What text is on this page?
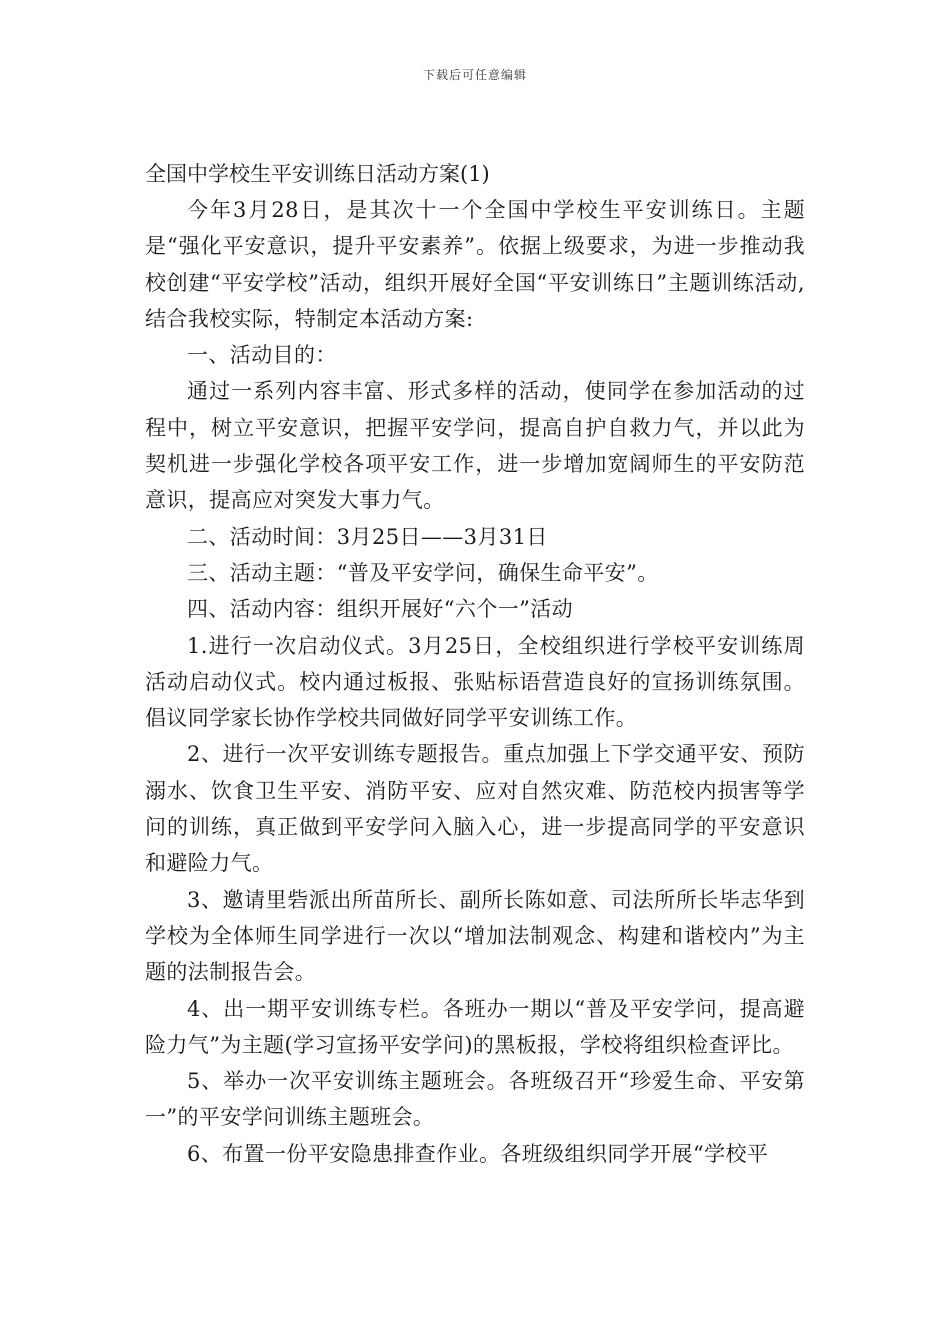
下载后可任意编辑
全国中学校生平安训练日活动方案(1)

今年3月28日，是其次十一个全国中学校生平安训练日。主题是“强化平安意识，提升平安素养”。依据上级要求，为进一步推动我校创建“平安学校”活动，组织开展好全国“平安训练日”主题训练活动,结合我校实际，特制定本活动方案:

一、活动目的：

通过一系列内容丰富、形式多样的活动，使同学在参加活动的过程中，树立平安意识，把握平安学问，提高自护自救力气，并以此为契机进一步强化学校各项平安工作，进一步增加宽阔师生的平安防范意识，提高应对突发大事力气。

二、活动时间：3月25日——3月31日

三、活动主题：“普及平安学问，确保生命平安”。

四、活动内容：组织开展好“六个一”活动

1.进行一次启动仪式。3月25日，全校组织进行学校平安训练周活动启动仪式。校内通过板报、张贴标语营造良好的宣扬训练氛围。倡议同学家长协作学校共同做好同学平安训练工作。

2、进行一次平安训练专题报告。重点加强上下学交通平安、预防溺水、饮食卫生平安、消防平安、应对自然灾难、防范校内损害等学问的训练，真正做到平安学问入脑入心，进一步提高同学的平安意识和避险力气。

3、邀请里砦派出所苗所长、副所长陈如意、司法所所长毕志华到学校为全体师生同学进行一次以“增加法制观念、构建和谐校内”为主题的法制报告会。

4、出一期平安训练专栏。各班办一期以“普及平安学问，提高避险力气”为主题(学习宣扬平安学问)的黑板报，学校将组织检查评比。

5、举办一次平安训练主题班会。各班级召开“珍爱生命、平安第一”的平安学问训练主题班会。

6、布置一份平安隐患排查作业。各班级组织同学开展“学校平
